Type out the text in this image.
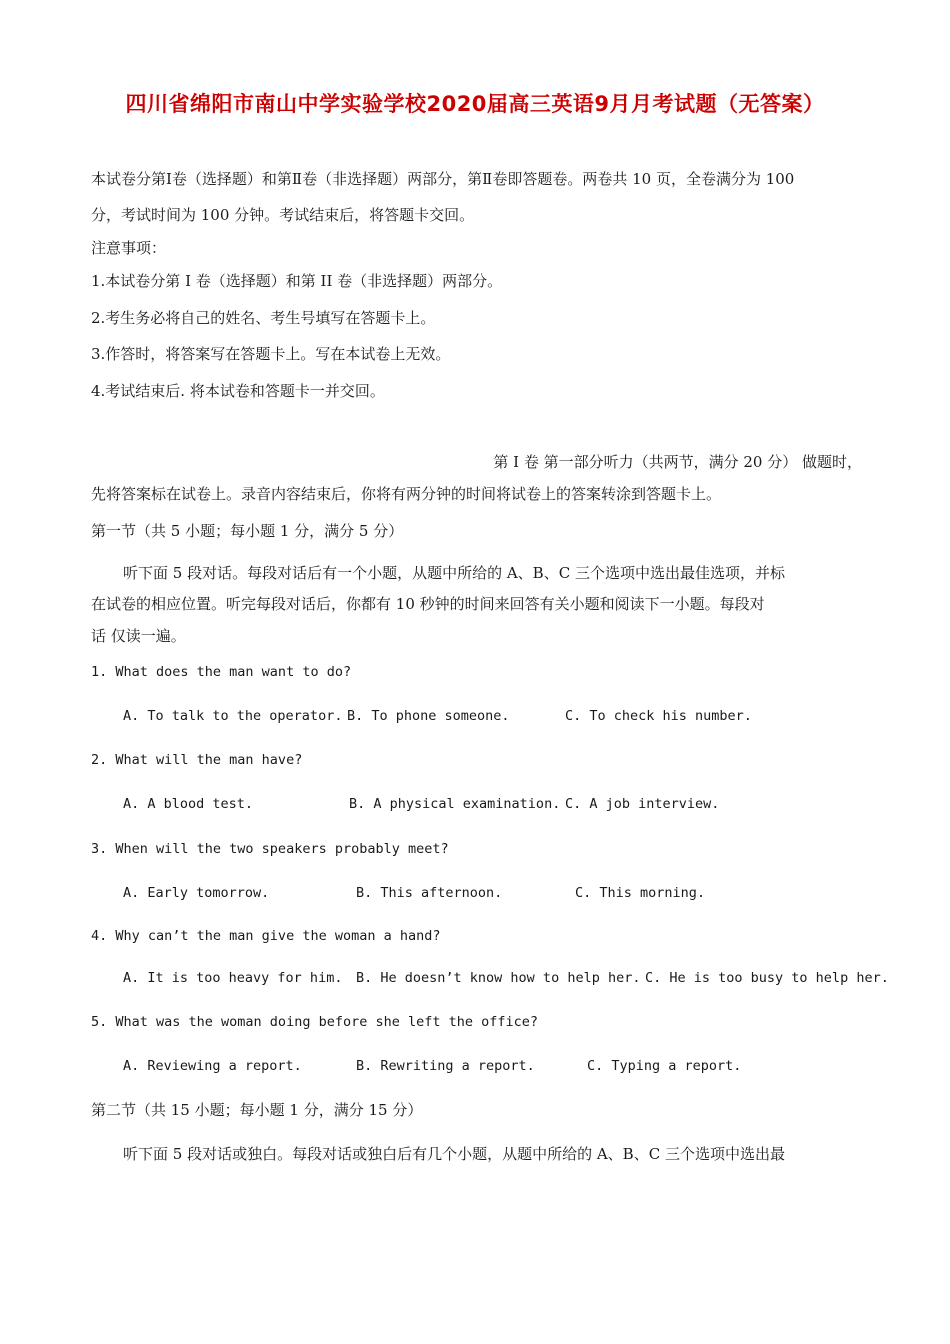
四川省绵阳市南山中学实验学校2020届高三英语9月月考试题（无答案）
本试卷分第Ⅰ卷（选择题）和第Ⅱ卷（非选择题）两部分，第Ⅱ卷即答题卷。两卷共 10 页，全卷满分为 100
分，考试时间为 100 分钟。考试结束后，将答题卡交回。
注意事项：
1.本试卷分第 I 卷（选择题）和第 II 卷（非选择题）两部分。
2.考生务必将自己的姓名、考生号填写在答题卡上。
3.作答时，将答案写在答题卡上。写在本试卷上无效。
4.考试结束后. 将本试卷和答题卡一并交回。
第 I 卷 第一部分听力（共两节，满分 20 分） 做题时，
先将答案标在试卷上。录音内容结束后，你将有两分钟的时间将试卷上的答案转涂到答题卡上。
第一节（共 5 小题；每小题 1 分，满分 5 分）
听下面 5 段对话。每段对话后有一个小题，从题中所给的 A、B、C 三个选项中选出最佳选项，并标
在试卷的相应位置。听完每段对话后，你都有 10 秒钟的时间来回答有关小题和阅读下一小题。每段对
话 仅读一遍。
1. What does the man want to do?
A. To talk to the operator. B. To phone someone.	C. To check his number.
2. What will the man have?
A. A blood test.	B. A physical examination. C. A job interview.
3. When will the two speakers probably meet?
A. Early tomorrow.	B. This afternoon.	C. This morning.
4. Why can’t the man give the woman a hand?
A. It is too heavy for him. B. He doesn’t know how to help her. C. He is too busy to help her.
5. What was the woman doing before she left the office?
A. Reviewing a report.	B. Rewriting a report.	C. Typing a report.
第二节（共 15 小题；每小题 1 分，满分 15 分）
听下面 5 段对话或独白。每段对话或独白后有几个小题，从题中所给的 A、B、C 三个选项中选出最
